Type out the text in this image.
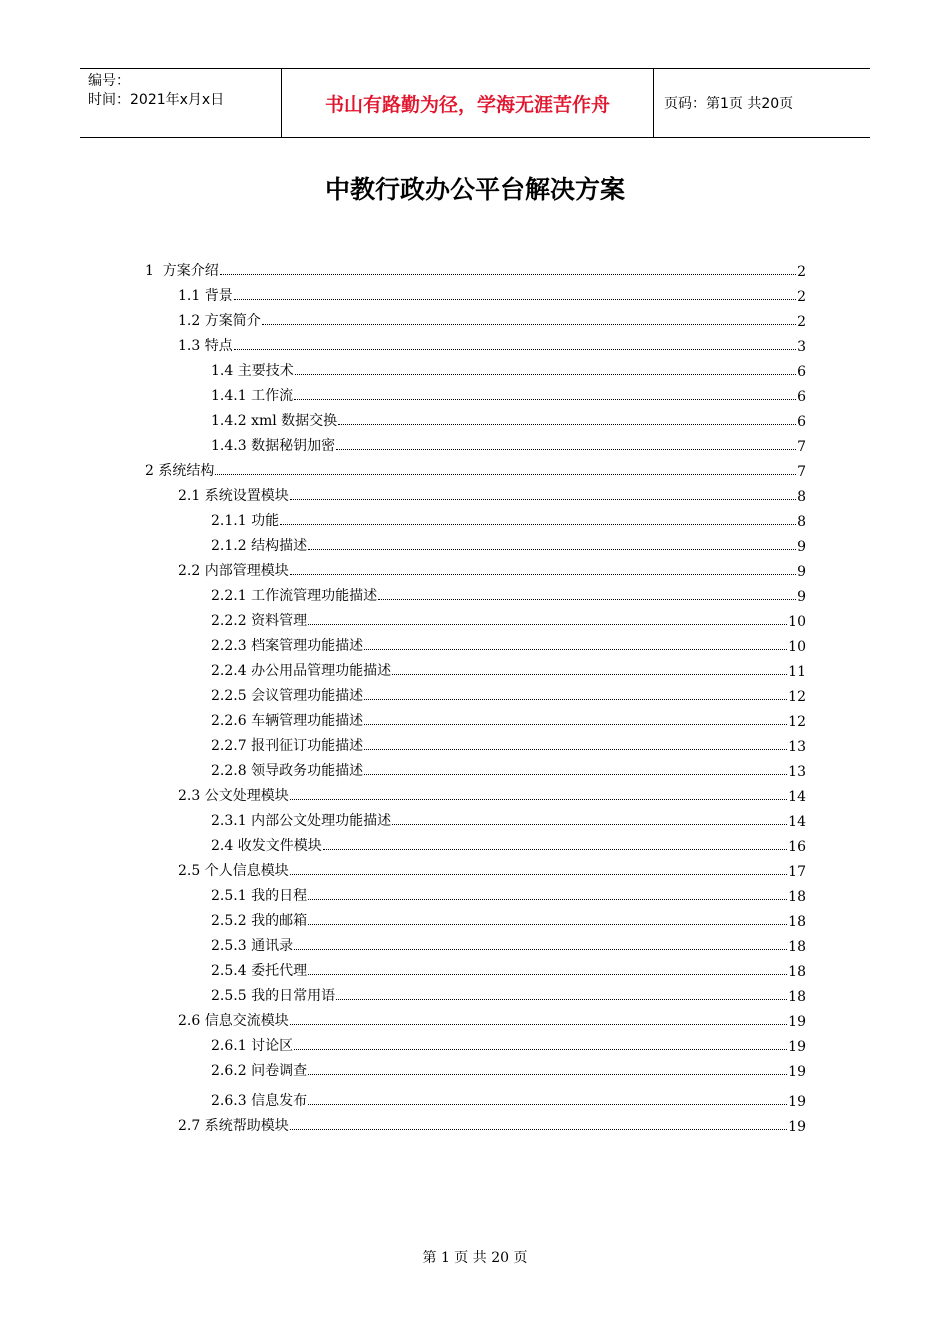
编号：
时间：2021年x月x日	书山有路勤为径，学海无涯苦作舟	页码：第1页 共20页
中教行政办公平台解决方案
1  方案介绍	2
1.1 背景	2
1.2 方案简介	2
1.3 特点	3
1.4 主要技术	6
1.4.1 工作流	6
1.4.2 xml 数据交换	6
1.4.3 数据秘钥加密	7
2 系统结构	7
2.1 系统设置模块	8
2.1.1 功能	8
2.1.2 结构描述	9
2.2 内部管理模块	9
2.2.1 工作流管理功能描述	9
2.2.2 资料管理	10
2.2.3 档案管理功能描述	10
2.2.4 办公用品管理功能描述	11
2.2.5 会议管理功能描述	12
2.2.6 车辆管理功能描述	12
2.2.7 报刊征订功能描述	13
2.2.8 领导政务功能描述	13
2.3 公文处理模块	14
2.3.1 内部公文处理功能描述	14
2.4 收发文件模块	16
2.5 个人信息模块	17
2.5.1 我的日程	18
2.5.2 我的邮箱	18
2.5.3 通讯录	18
2.5.4 委托代理	18
2.5.5 我的日常用语	18
2.6 信息交流模块	19
2.6.1 讨论区	19
2.6.2 问卷调查	19
2.6.3 信息发布	19
2.7 系统帮助模块	19
第 1 页 共 20 页
